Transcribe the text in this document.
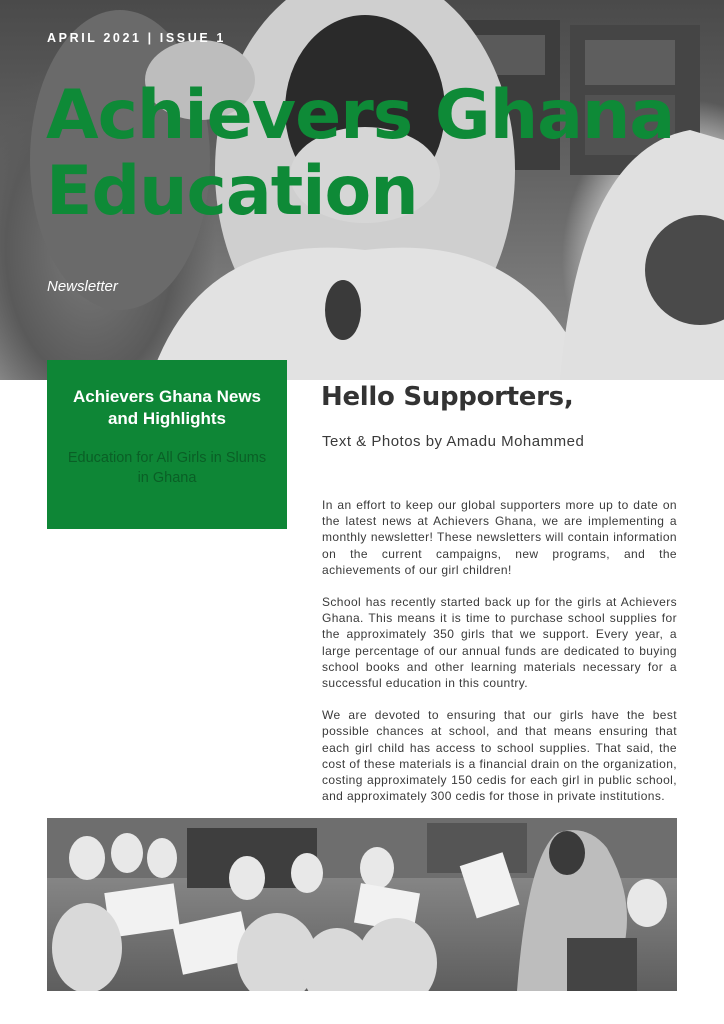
APRIL 2021 | ISSUE 1
Achievers Ghana
Education
Newsletter
Achievers Ghana News and Highlights
Education for All Girls in Slums in Ghana
Hello Supporters,
Text & Photos by Amadu Mohammed

In an effort to keep our global supporters more up to date on the latest news at Achievers Ghana, we are implementing a monthly newsletter! These newsletters will contain information on the current campaigns, new programs, and the achievements of our girl children!

School has recently started back up for the girls at Achievers Ghana. This means it is time to purchase school supplies for the approximately 350 girls that we support. Every year, a large percentage of our annual funds are dedicated to buying school books and other learning materials necessary for a successful education in this country.

We are devoted to ensuring that our girls have the best possible chances at school, and that means ensuring that each girl child has access to school supplies. That said, the cost of these materials is a financial drain on the organization, costing approximately 150 cedis for each girl in public school, and approximately 300 cedis for those in private institutions.
